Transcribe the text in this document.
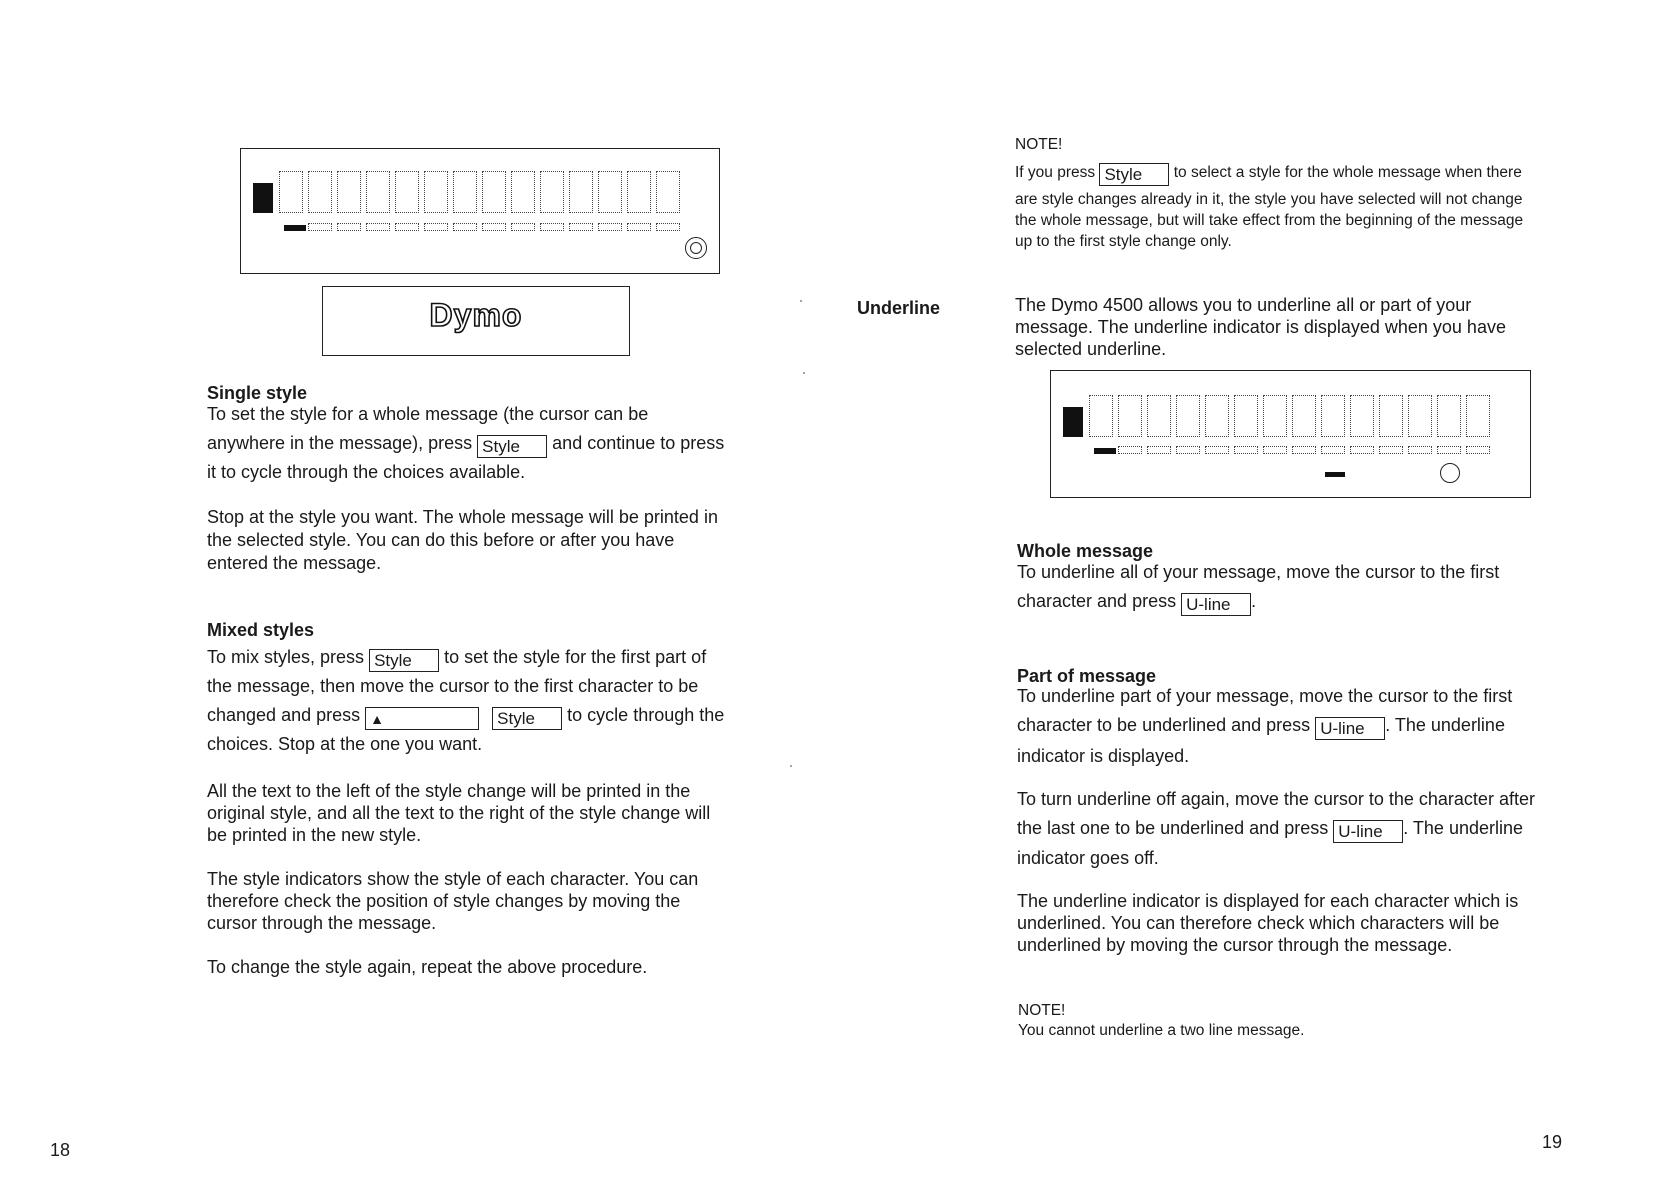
Dymo
Single style
To set the style for a whole message (the cursor can be
anywhere in the message), press Style and continue to press
it to cycle through the choices available.
Stop at the style you want. The whole message will be printed in
the selected style. You can do this before or after you have
entered the message.
Mixed styles
To mix styles, press Style to set the style for the first part of
the message, then move the cursor to the first character to be
changed and press ▲	Style to cycle through the
choices. Stop at the one you want.
All the text to the left of the style change will be printed in the
original style, and all the text to the right of the style change will
be printed in the new style.
The style indicators show the style of each character. You can
therefore check the position of style changes by moving the
cursor through the message.
To change the style again, repeat the above procedure.
18
NOTE!
If you press Style to select a style for the whole message when there
are style changes already in it, the style you have selected will not change
the whole message, but will take effect from the beginning of the message
up to the first style change only.
Underline	The Dymo 4500 allows you to underline all or part of your
message. The underline indicator is displayed when you have
selected underline.
Whole message
To underline all of your message, move the cursor to the first
character and press U-line .
Part of message
To underline part of your message, move the cursor to the first
character to be underlined and press U-line . The underline
indicator is displayed.
To turn underline off again, move the cursor to the character after
the last one to be underlined and press U-line . The underline
indicator goes off.
The underline indicator is displayed for each character which is
underlined. You can therefore check which characters will be
underlined by moving the cursor through the message.
NOTE!
You cannot underline a two line message.
19
